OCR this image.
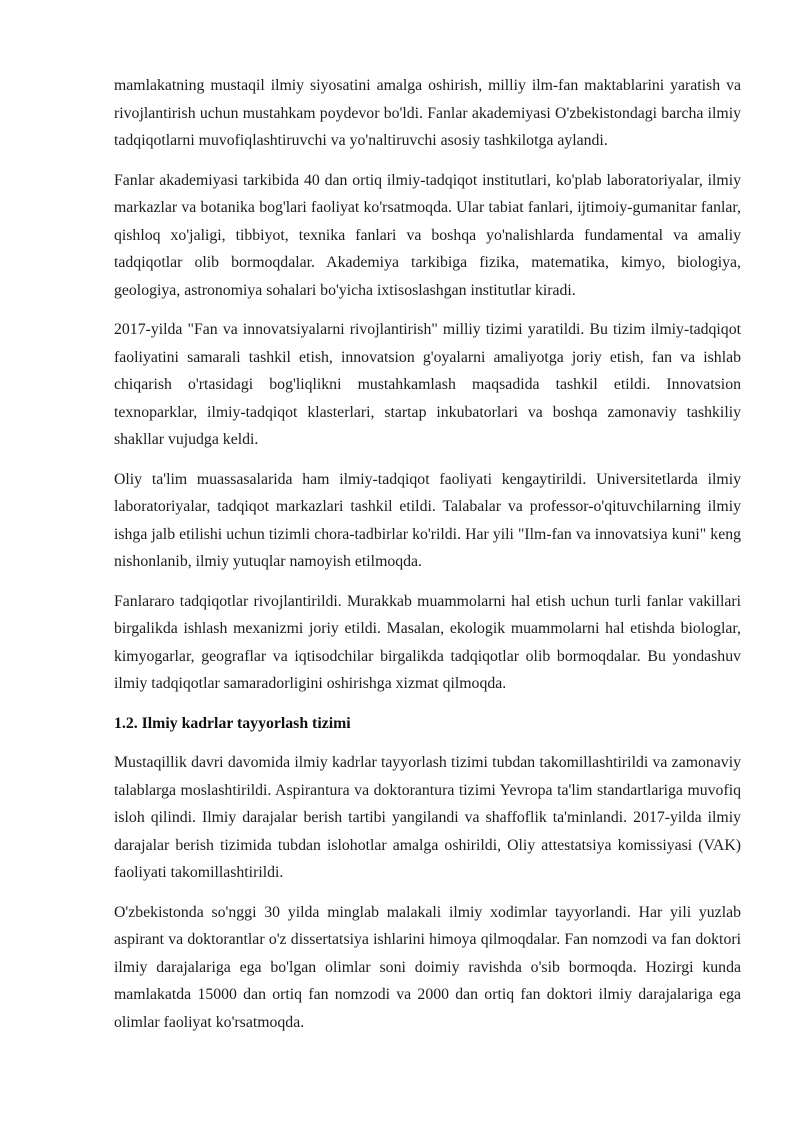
mamlakatning mustaqil ilmiy siyosatini amalga oshirish, milliy ilm-fan maktablarini yaratish va rivojlantirish uchun mustahkam poydevor bo'ldi. Fanlar akademiyasi O'zbekistondagi barcha ilmiy tadqiqotlarni muvofiqlashtiruvchi va yo'naltiruvchi asosiy tashkilotga aylandi.

Fanlar akademiyasi tarkibida 40 dan ortiq ilmiy-tadqiqot institutlari, ko'plab laboratoriyalar, ilmiy markazlar va botanika bog'lari faoliyat ko'rsatmoqda. Ular tabiat fanlari, ijtimoiy-gumanitar fanlar, qishloq xo'jaligi, tibbiyot, texnika fanlari va boshqa yo'nalishlarda fundamental va amaliy tadqiqotlar olib bormoqdalar. Akademiya tarkibiga fizika, matematika, kimyo, biologiya, geologiya, astronomiya sohalari bo'yicha ixtisoslashgan institutlar kiradi.

2017-yilda "Fan va innovatsiyalarni rivojlantirish" milliy tizimi yaratildi. Bu tizim ilmiy-tadqiqot faoliyatini samarali tashkil etish, innovatsion g'oyalarni amaliyotga joriy etish, fan va ishlab chiqarish o'rtasidagi bog'liqlikni mustahkamlash maqsadida tashkil etildi. Innovatsion texnoparklar, ilmiy-tadqiqot klasterlari, startap inkubatorlari va boshqa zamonaviy tashkiliy shakllar vujudga keldi.

Oliy ta'lim muassasalarida ham ilmiy-tadqiqot faoliyati kengaytirildi. Universitetlarda ilmiy laboratoriyalar, tadqiqot markazlari tashkil etildi. Talabalar va professor-o'qituvchilarning ilmiy ishga jalb etilishi uchun tizimli chora-tadbirlar ko'rildi. Har yili "Ilm-fan va innovatsiya kuni" keng nishonlanib, ilmiy yutuqlar namoyish etilmoqda.

Fanlararo tadqiqotlar rivojlantirildi. Murakkab muammolarni hal etish uchun turli fanlar vakillari birgalikda ishlash mexanizmi joriy etildi. Masalan, ekologik muammolarni hal etishda biologlar, kimyogarlar, geograflar va iqtisodchilar birgalikda tadqiqotlar olib bormoqdalar. Bu yondashuv ilmiy tadqiqotlar samaradorligini oshirishga xizmat qilmoqda.

1.2. Ilmiy kadrlar tayyorlash tizimi

Mustaqillik davri davomida ilmiy kadrlar tayyorlash tizimi tubdan takomillashtirildi va zamonaviy talablarga moslashtirildi. Aspirantura va doktorantura tizimi Yevropa ta'lim standartlariga muvofiq isloh qilindi. Ilmiy darajalar berish tartibi yangilandi va shaffoflik ta'minlandi. 2017-yilda ilmiy darajalar berish tizimida tubdan islohotlar amalga oshirildi, Oliy attestatsiya komissiyasi (VAK) faoliyati takomillashtirildi.

O'zbekistonda so'nggi 30 yilda minglab malakali ilmiy xodimlar tayyorlandi. Har yili yuzlab aspirant va doktorantlar o'z dissertatsiya ishlarini himoya qilmoqdalar. Fan nomzodi va fan doktori ilmiy darajalariga ega bo'lgan olimlar soni doimiy ravishda o'sib bormoqda. Hozirgi kunda mamlakatda 15000 dan ortiq fan nomzodi va 2000 dan ortiq fan doktori ilmiy darajalariga ega olimlar faoliyat ko'rsatmoqda.
